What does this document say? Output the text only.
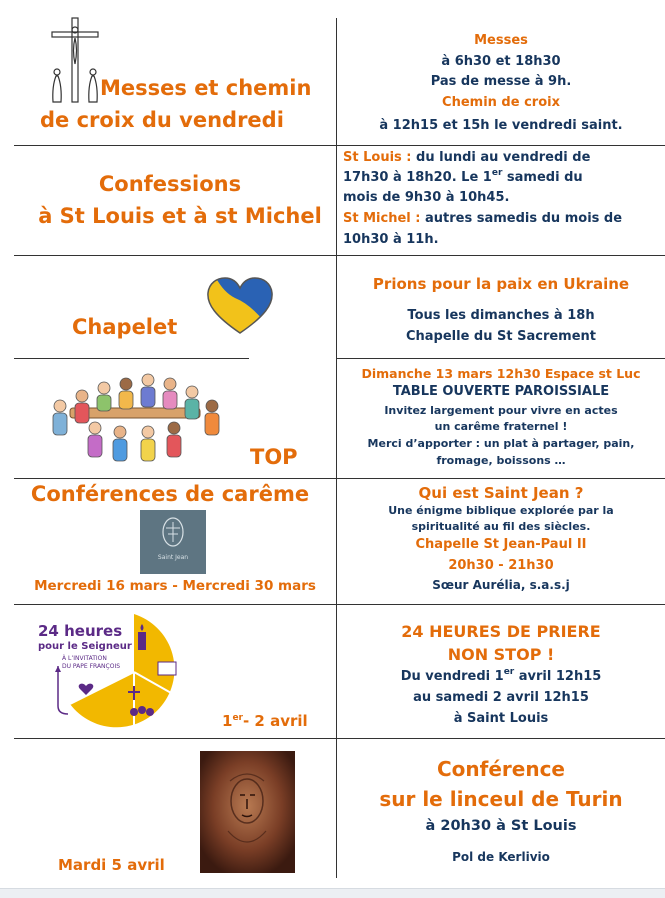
Messes et chemin
de croix du vendredi
Messes
à 6h30 et 18h30
Pas de messe à 9h.
Chemin de croix
à 12h15 et 15h le vendredi saint.
Confessions
à St Louis et à st Michel
St Louis : du lundi au vendredi de
17h30 à 18h20. Le 1er samedi du
mois de 9h30 à 10h45.
St Michel : autres samedis du mois de
10h30 à 11h.
Chapelet
Prions pour la paix en Ukraine
Tous les dimanches à 18h
Chapelle du St Sacrement
TOP
Dimanche 13 mars 12h30 Espace st Luc
TABLE OUVERTE PAROISSIALE
Invitez largement pour vivre en actes
un carême fraternel !
Merci d’apporter : un plat à partager, pain,
fromage, boissons …
Conférences de carême
Saint Jean
Mercredi 16 mars - Mercredi 30 mars
Qui est Saint Jean ?
Une énigme biblique explorée par la
spiritualité au fil des siècles.
Chapelle St Jean-Paul II
20h30 - 21h30
Sœur Aurélia, s.a.s.j
24 heures
pour le Seigneur
À L’INVITATION
DU PAPE FRANÇOIS
1er- 2 avril
24 HEURES DE PRIERE
NON STOP !
Du vendredi 1er avril 12h15
au samedi 2 avril 12h15
à Saint Louis
Mardi 5 avril
Conférence
sur le linceul de Turin
à 20h30 à St Louis
Pol de Kerlivio
